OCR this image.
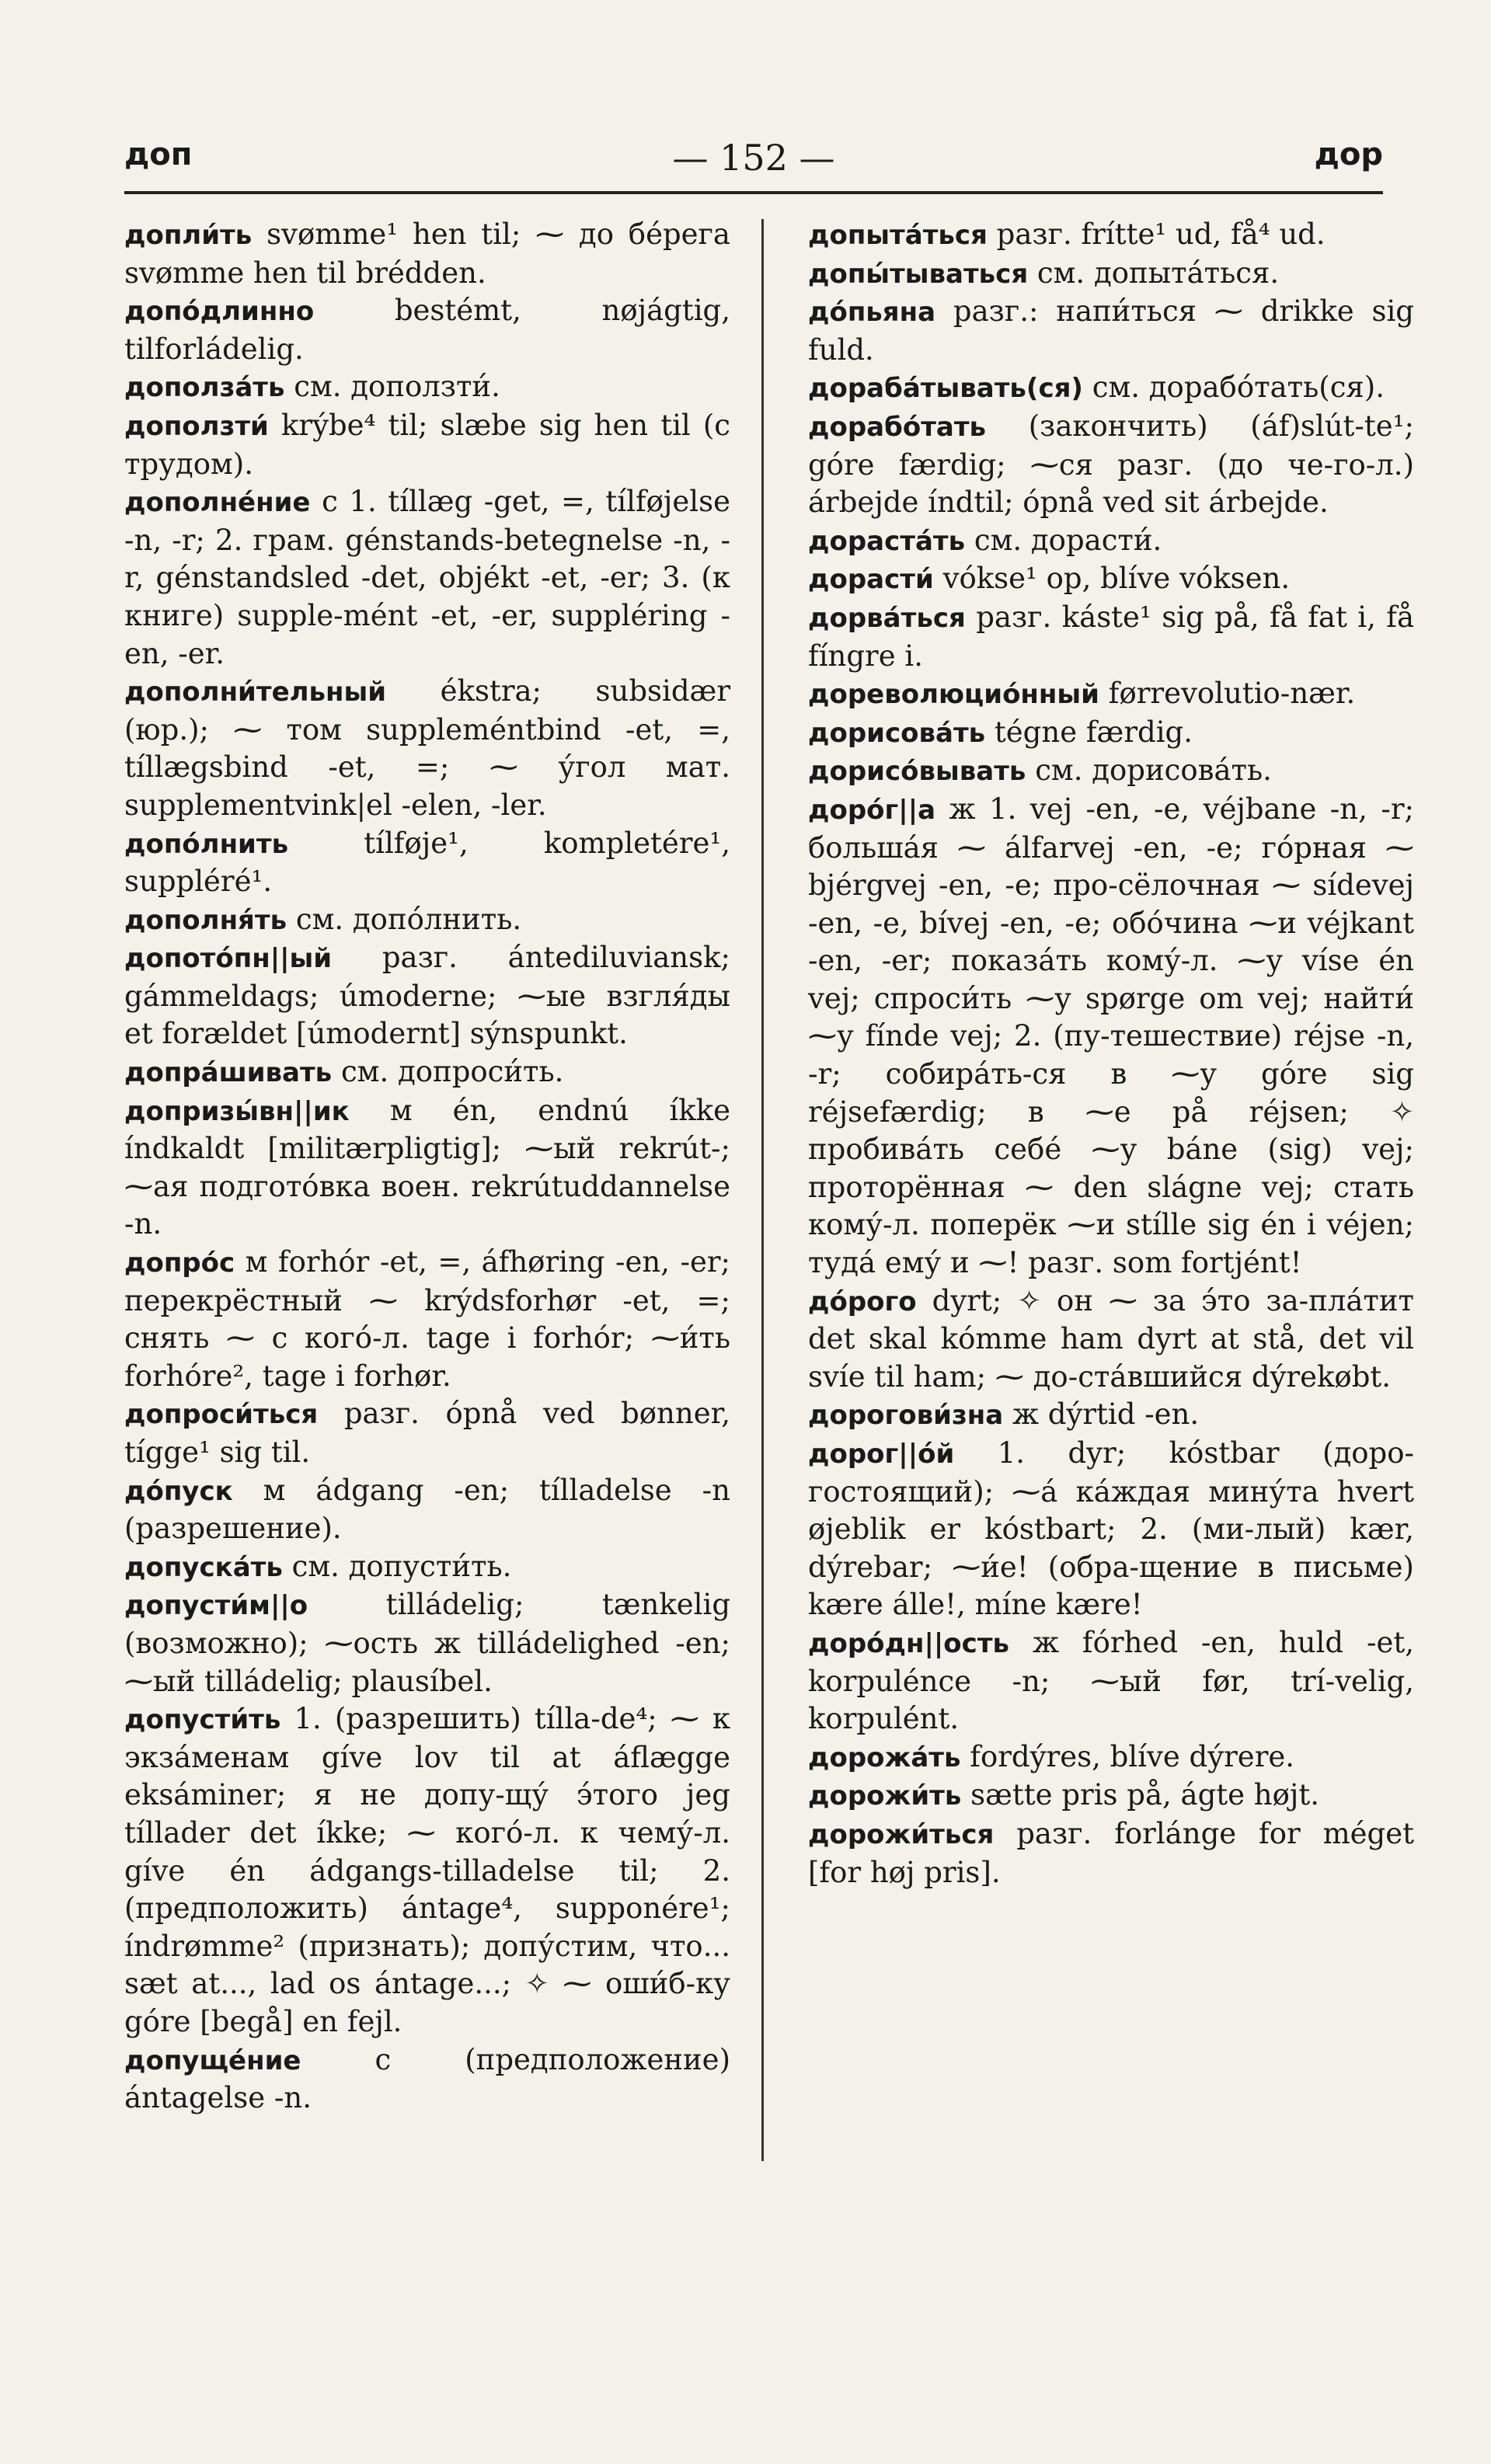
доп	— 152 —	дор

допли́ть svømme¹ hen til; ⁓ до бе́рега svømme hen til brédden.

допо́длинно	bestémt, nøjágtig, tilforládelig.

дополза́ть см. доползти́.

доползти́ krýbe⁴ til; slæbe sig hen til (с трудом).

дополне́ние с 1. tíllæg -get, =, tílføjelse -n, -r; 2. грам. génstands-betegnelse -n, -r, génstandsled -det, objékt -et, -er; 3. (к книге) supple-mént -et, -er, suppléring -en, -er.

дополни́тельный ékstra; subsidær (юр.); ⁓ том suppleméntbind -et, =, tíllægsbind -et, =; ⁓ у́гол мат. supplementvink|el -elen, -ler.

допо́лнить	tílføje¹, kompletére¹, suppléré¹.

дополня́ть см. допо́лнить.

допото́пн||ый разг. ántediluviansk; gámmeldags; úmoderne; ⁓ые взгля́ды et forældet [úmodernt] sýnspunkt.

допра́шивать см. допроси́ть.

допризы́вн||ик м én, endnú íkke índkaldt [militærpligtig]; ⁓ый rekrút-; ⁓ая подгото́вка воен. rekrútuddannelse -n.

допро́с м forhór -et, =, áfhøring -en, -er; перекрёстный ⁓ krýdsforhør -et, =; снять ⁓ с кого́-л. tage i forhór; ⁓и́ть forhóre², tage i forhør.

допроси́ться разг. ópnå ved bønner, tígge¹ sig til.

до́пуск м ádgang -en; tílladelse -n (разрешение).

допуска́ть см. допусти́ть.

допусти́м||о	tilládelig; tænkelig (возможно); ⁓ость ж tilládelighed -en; ⁓ый tilládelig; plausíbel.

допусти́ть 1. (разрешить) tílla-de⁴; ⁓ к экза́менам gíve lov til at áflægge eksáminer; я не допу-щу́ э́того jeg tíllader det íkke; ⁓ кого́-л. к чему́-л. gíve én ádgangs-tilladelse til; 2. (предположить) ántage⁴, supponére¹; índrømme² (признать); допу́стим, что... sæt at..., lad os ántage...; ✧ ⁓ оши́б-ку góre [begå] en fejl.

допуще́ние	с (предположение) ántagelse -n.

допыта́ться разг. frítte¹ ud, få⁴ ud.

допы́тываться см. допыта́ться.

до́пьяна разг.: напи́ться ⁓ drikke sig fuld.

дораба́тывать(ся) см. дорабо́тать(ся).

дорабо́тать (закончить) (áf)slút-te¹; góre færdig; ⁓ся разг. (до че-го-л.) árbejde índtil; ópnå ved sit árbejde.

дораста́ть см. дорасти́.

дорасти́ vókse¹ op, blíve vóksen.

дорва́ться разг. káste¹ sig på, få fat i, få fíngre i.

дореволюцио́нный førrevolutio-nær.

дорисова́ть tégne færdig.

дорисо́вывать см. дорисова́ть.

доро́г||а ж 1. vej -en, -e, véjbane -n, -r; больша́я ⁓ álfarvej -en, -e; го́рная ⁓ bjérgvej -en, -e; про-сёлочная ⁓ sídevej -en, -e, bívej -en, -e; обо́чина ⁓и véjkant -en, -er; показа́ть кому́-л. ⁓у víse én vej; спроси́ть ⁓у spørge om vej; найти́ ⁓у fínde vej; 2. (пу-тешествие) réjse -n, -r; собира́ть-ся в ⁓у góre sig réjsefærdig; в ⁓е på réjsen; ✧ пробива́ть себе́ ⁓у báne (sig) vej; проторённая ⁓ den slágne vej; стать кому́-л. поперёк ⁓и stílle sig én i véjen; туда́ ему́ и ⁓! разг. som fortjént!

до́рого dyrt; ✧ он ⁓ за э́то за-пла́тит det skal kómme ham dyrt at stå, det vil svíe til ham; ⁓ до-ста́вшийся dýrekøbt.

дорогови́зна ж dýrtid -en.

дорог||о́й 1. dyr; kóstbar (доро-гостоящий); ⁓а́ ка́ждая мину́та hvert øjeblik er kóstbart; 2. (ми-лый) kær, dýrebar; ⁓и́е! (обра-щение в письме) kære álle!, míne kære!

доро́дн||ость ж fórhed -en, huld -et, korpulénce -n; ⁓ый før, trí-velig, korpulént.

дорожа́ть fordýres, blíve dýrere.

дорожи́ть sætte pris på, ágte højt.

дорожи́ться разг. forlánge for méget [for høj pris].
